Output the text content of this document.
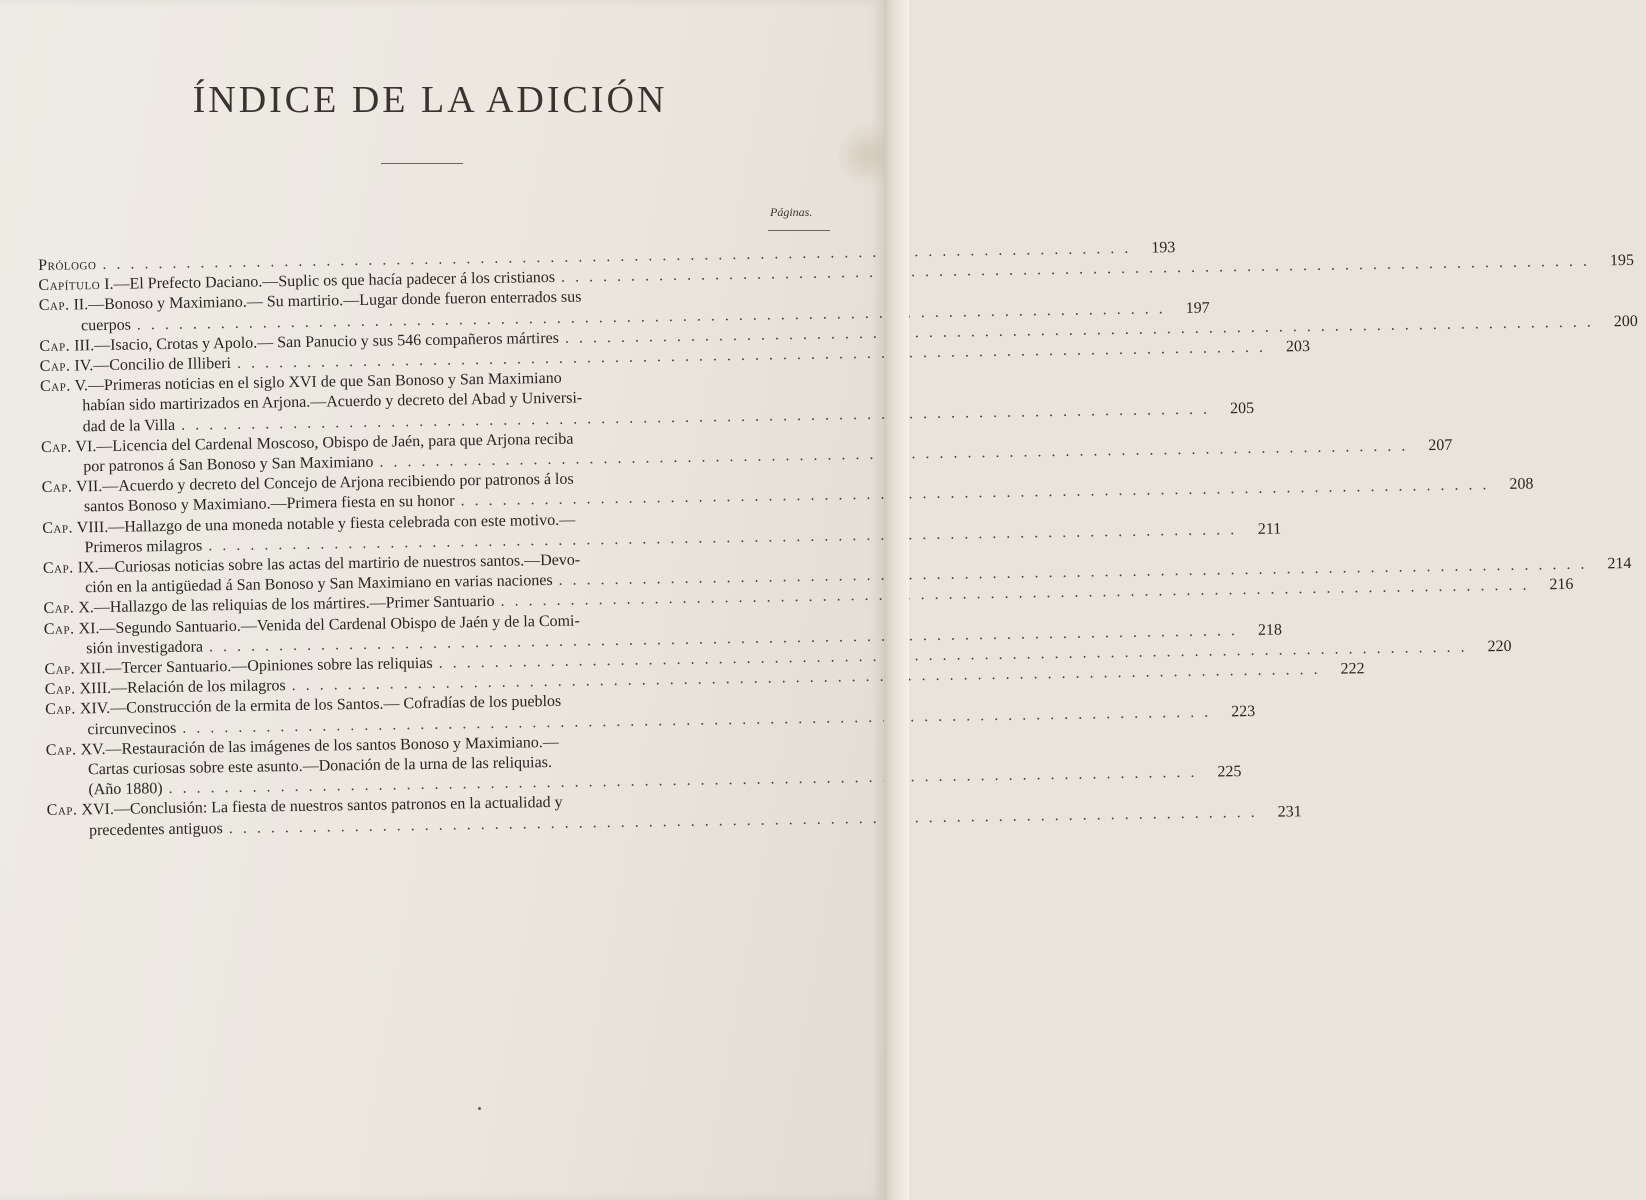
ÍNDICE DE LA ADICIÓN
Páginas.
Prólogo
. . .
193
Capítulo I.—El Prefecto Daciano.—Suplic os que hacía padecer á los cristianos
. . .
195
Cap. II.—Bonoso y Maximiano.— Su martirio.—Lugar donde fueron enterrados sus
cuerpos
. . .
197
Cap. III.—Isacio, Crotas y Apolo.— San Panucio y sus 546 compañeros mártires
. . .
200
Cap. IV.—Concilio de Illiberi
. . .
203
Cap. V.—Primeras noticias en el siglo XVI de que San Bonoso y San Maximiano
habían sido martirizados en Arjona.—Acuerdo y decreto del Abad y Universi-
dad de la Villa
. . .
205
Cap. VI.—Licencia del Cardenal Moscoso, Obispo de Jaén, para que Arjona reciba
por patronos á San Bonoso y San Maximiano
. . .
207
Cap. VII.—Acuerdo y decreto del Concejo de Arjona recibiendo por patronos á los
santos Bonoso y Maximiano.—Primera fiesta en su honor
. . .
208
Cap. VIII.—Hallazgo de una moneda notable y fiesta celebrada con este motivo.—
Primeros milagros
. . .
211
Cap. IX.—Curiosas noticias sobre las actas del martirio de nuestros santos.—Devo-
ción en la antigüedad á San Bonoso y San Maximiano en varias naciones
. . .
214
Cap. X.—Hallazgo de las reliquias de los mártires.—Primer Santuario
. . .
216
Cap. XI.—Segundo Santuario.—Venida del Cardenal Obispo de Jaén y de la Comi-
sión investigadora
. . .
218
Cap. XII.—Tercer Santuario.—Opiniones sobre las reliquias
. . .
220
Cap. XIII.—Relación de los milagros
. . .
222
Cap. XIV.—Construcción de la ermita de los Santos.— Cofradías de los pueblos
circunvecinos
. . .
223
Cap. XV.—Restauración de las imágenes de los santos Bonoso y Maximiano.—
Cartas curiosas sobre este asunto.—Donación de la urna de las reliquias.
(Año 1880)
. . .
225
Cap. XVI.—Conclusión: La fiesta de nuestros santos patronos en la actualidad y
precedentes antiguos
. . .
231
